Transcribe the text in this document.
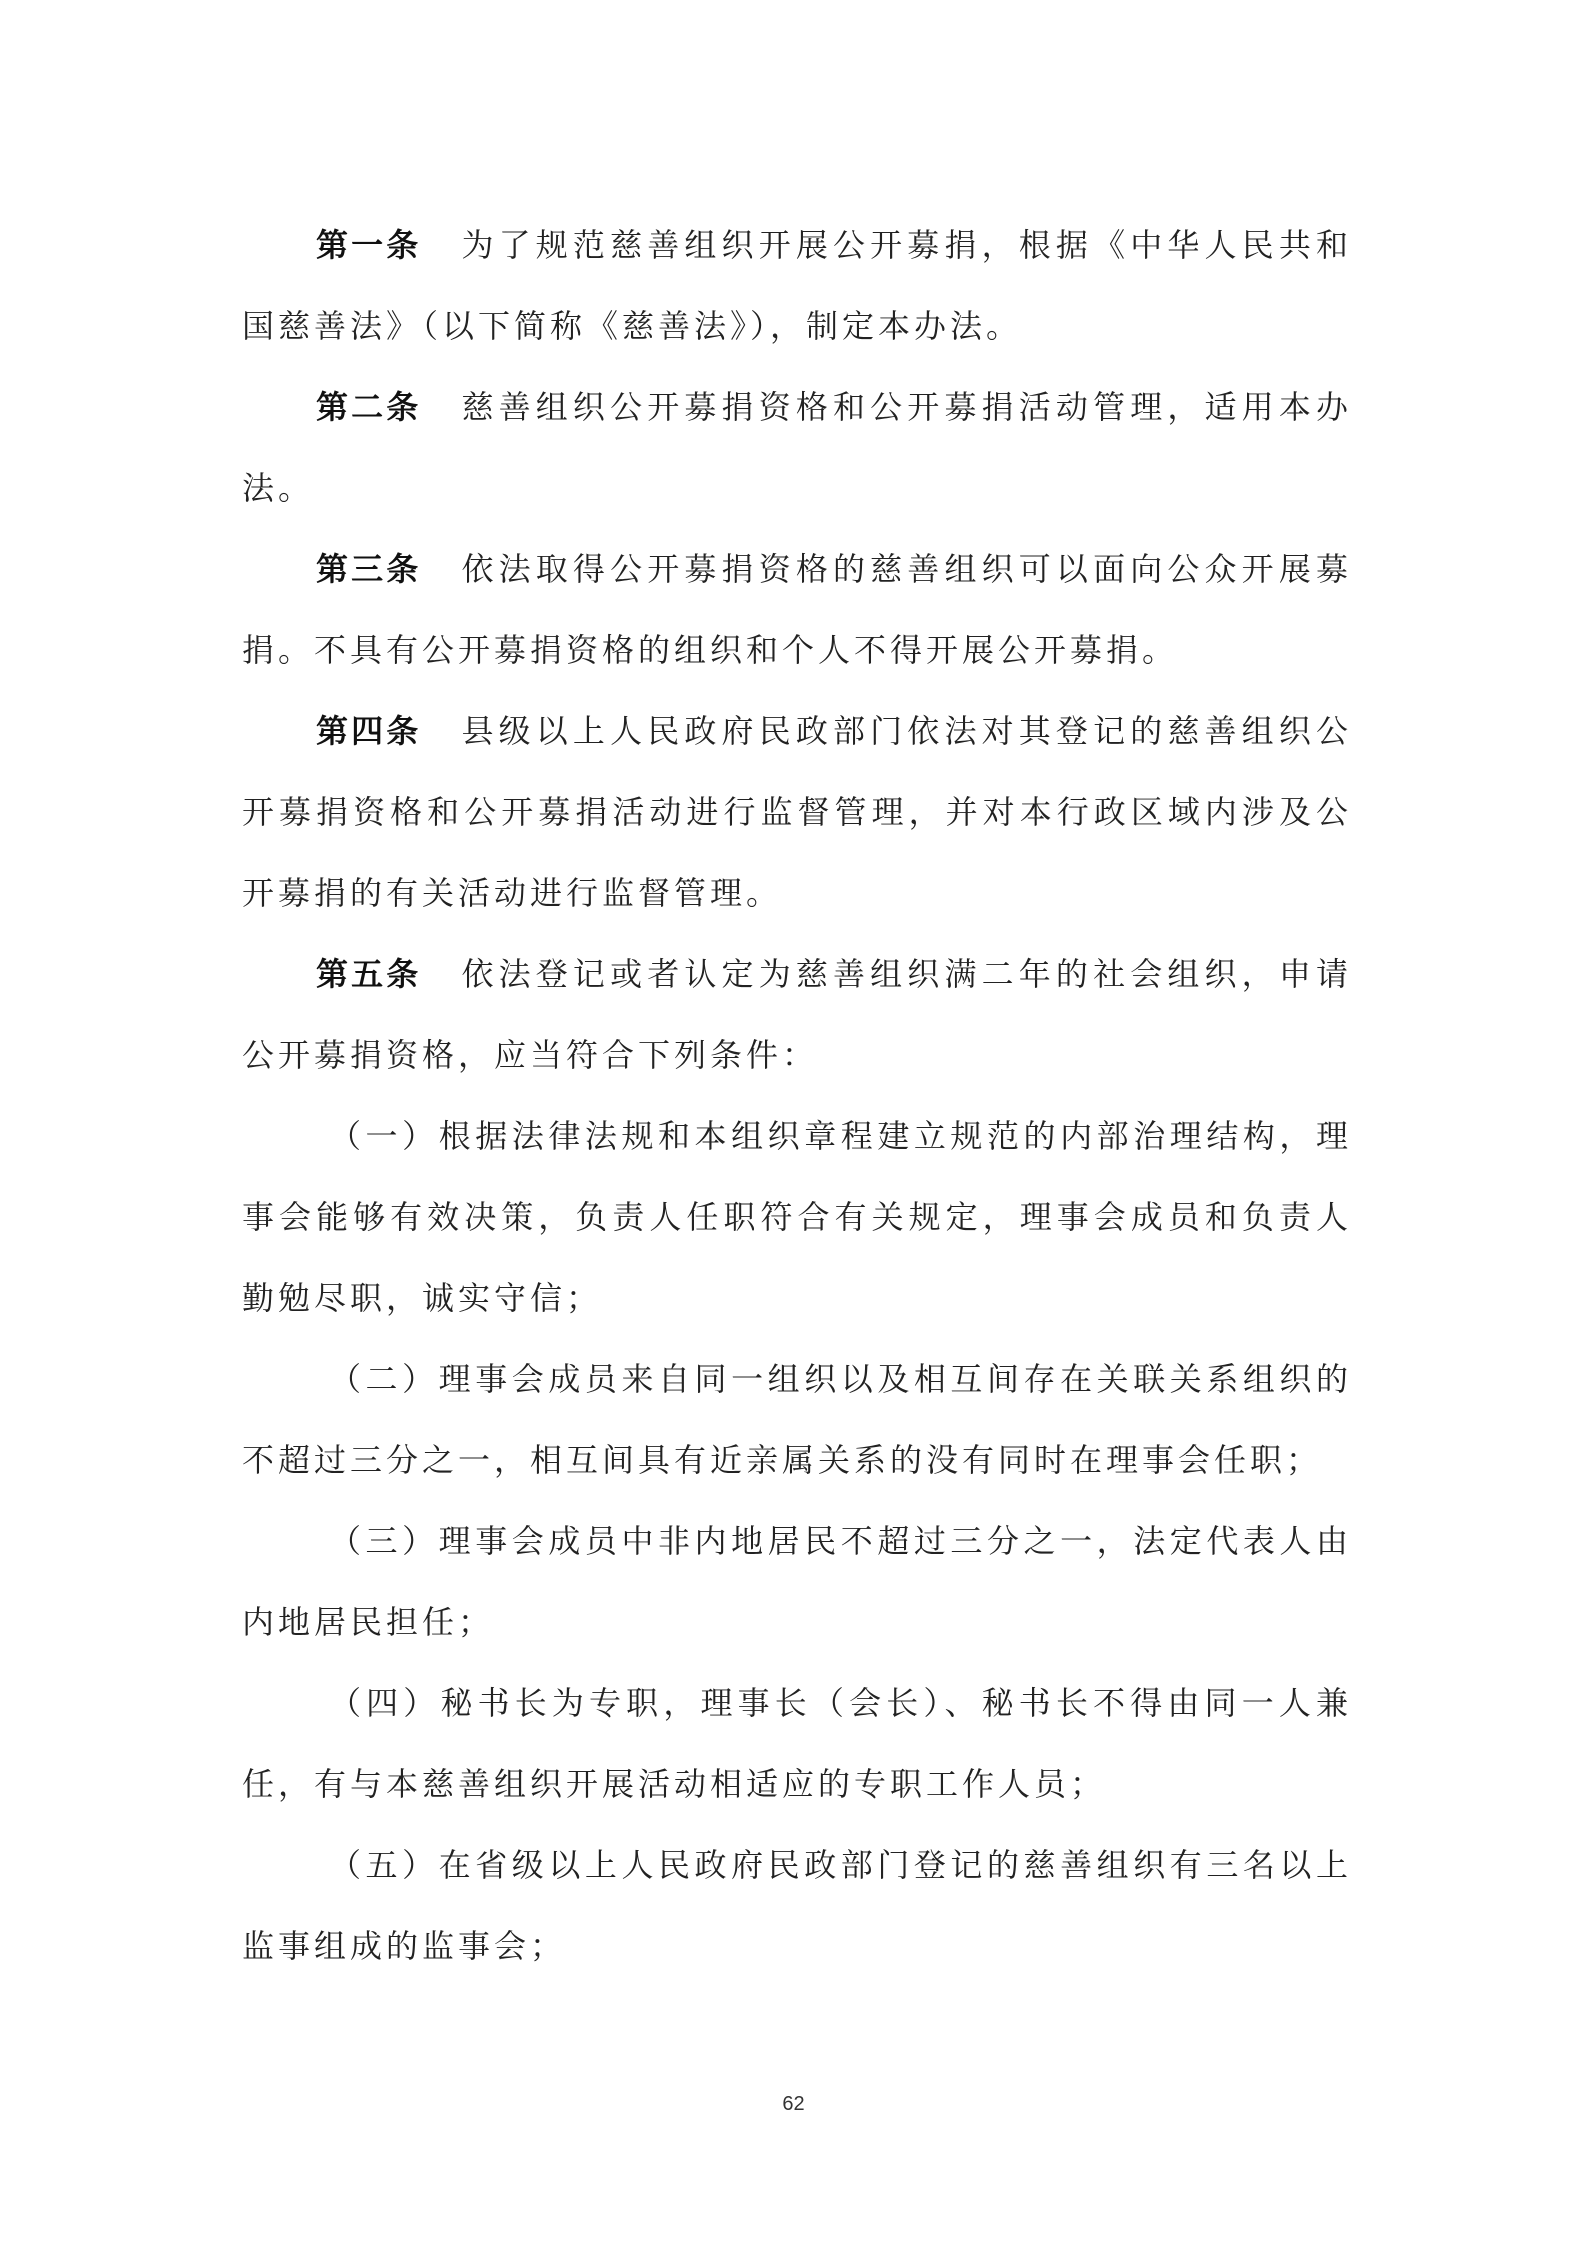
第一条 为了规范慈善组织开展公开募捐，根据《中华人民共和国慈善法》（以下简称《慈善法》），制定本办法。

第二条 慈善组织公开募捐资格和公开募捐活动管理，适用本办法。

第三条 依法取得公开募捐资格的慈善组织可以面向公众开展募捐。不具有公开募捐资格的组织和个人不得开展公开募捐。

第四条 县级以上人民政府民政部门依法对其登记的慈善组织公开募捐资格和公开募捐活动进行监督管理，并对本行政区域内涉及公开募捐的有关活动进行监督管理。

第五条 依法登记或者认定为慈善组织满二年的社会组织，申请公开募捐资格，应当符合下列条件：

（一）根据法律法规和本组织章程建立规范的内部治理结构，理事会能够有效决策，负责人任职符合有关规定，理事会成员和负责人勤勉尽职，诚实守信；

（二）理事会成员来自同一组织以及相互间存在关联关系组织的不超过三分之一，相互间具有近亲属关系的没有同时在理事会任职；

（三）理事会成员中非内地居民不超过三分之一，法定代表人由内地居民担任；

（四）秘书长为专职，理事长（会长）、秘书长不得由同一人兼任，有与本慈善组织开展活动相适应的专职工作人员；

（五）在省级以上人民政府民政部门登记的慈善组织有三名以上监事组成的监事会；

62
